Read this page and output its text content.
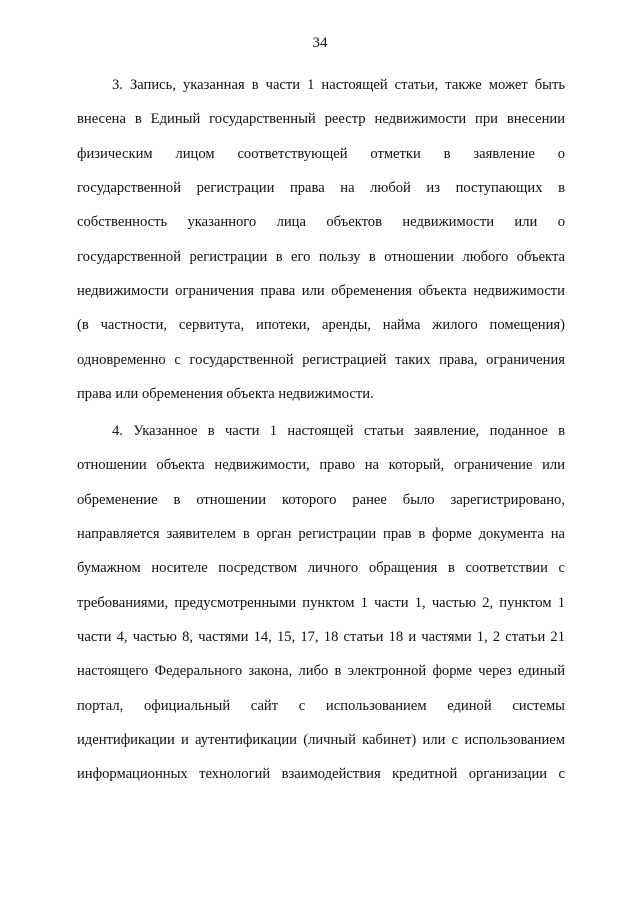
34
3. Запись, указанная в части 1 настоящей статьи, также может быть
внесена в Единый государственный реестр недвижимости при внесении
физическим лицом соответствующей отметки в заявление о
государственной регистрации права на любой из поступающих в
собственность указанного лица объектов недвижимости или о
государственной регистрации в его пользу в отношении любого объекта
недвижимости ограничения права или обременения объекта недвижимости
(в частности, сервитута, ипотеки, аренды, найма жилого помещения)
одновременно с государственной регистрацией таких права, ограничения
права или обременения объекта недвижимости.
4. Указанное в части 1 настоящей статьи заявление, поданное в
отношении объекта недвижимости, право на который, ограничение или
обременение в отношении которого ранее было зарегистрировано,
направляется заявителем в орган регистрации прав в форме документа на
бумажном носителе посредством личного обращения в соответствии с
требованиями, предусмотренными пунктом 1 части 1, частью 2, пунктом 1
части 4, частью 8, частями 14, 15, 17, 18 статьи 18 и частями 1, 2 статьи 21
настоящего Федерального закона, либо в электронной форме через единый
портал, официальный сайт с использованием единой системы
идентификации и аутентификации (личный кабинет) или с использованием
информационных технологий взаимодействия кредитной организации с
